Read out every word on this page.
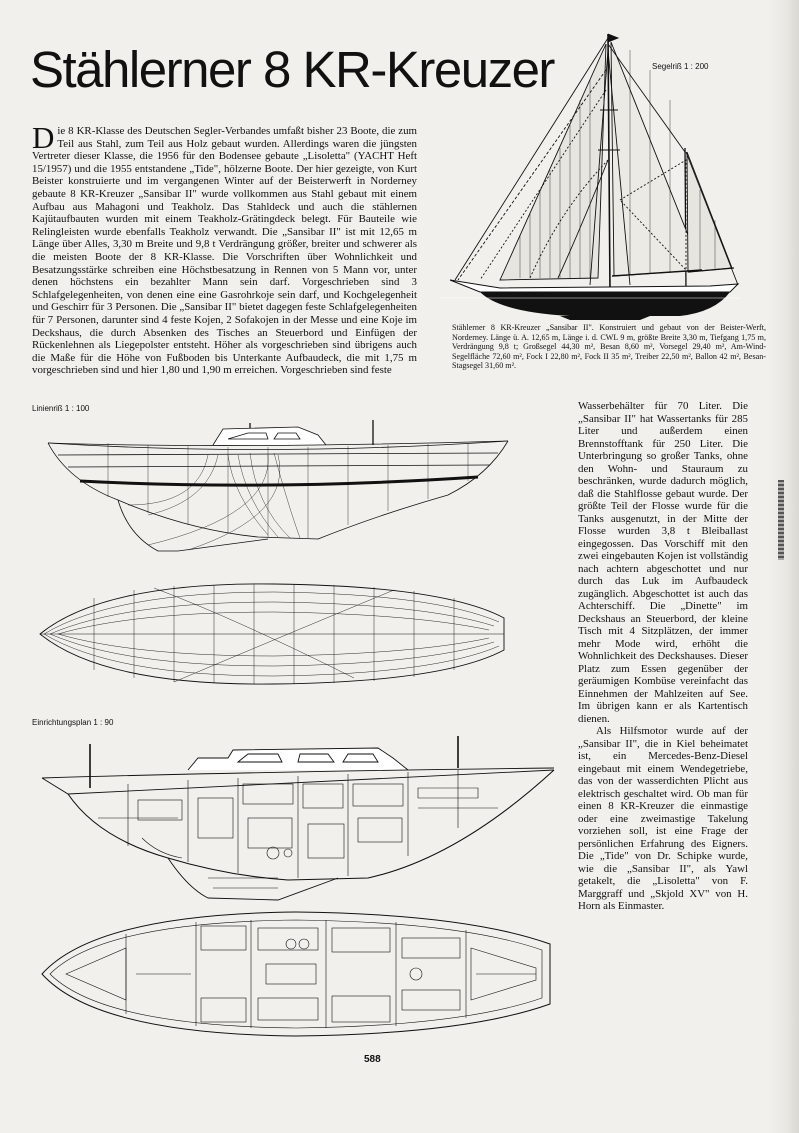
Stählerner 8 KR-Kreuzer	Segelriß 1 : 200
Stählerner 8 KR-Kreuzer „Sansibar II". Konstruiert und gebaut von der Beister-Werft, Norderney. Länge ü. A. 12,65 m, Länge i. d. CWL 9 m, größte Breite 3,30 m, Tiefgang 1,75 m, Verdrängung 9,8 t; Großsegel 44,30 m², Besan 8,60 m², Vorsegel 29,40 m², Am-Wind-Segelfläche 72,60 m², Fock I 22,80 m², Fock II 35 m², Treiber 22,50 m², Ballon 42 m², Besan-Stagsegel 31,60 m².

Die 8 KR-Klasse des Deutschen Segler-Verbandes umfaßt bisher 23 Boote, die zum Teil aus Stahl, zum Teil aus Holz gebaut wurden. Allerdings waren die jüngsten Vertreter dieser Klasse, die 1956 für den Bodensee gebaute „Lisoletta" (YACHT Heft 15/1957) und die 1955 entstandene „Tide", hölzerne Boote. Der hier gezeigte, von Kurt Beister konstruierte und im vergangenen Winter auf der Beisterwerft in Norderney gebaute 8 KR-Kreuzer „Sansibar II" wurde vollkommen aus Stahl gebaut mit einem Aufbau aus Mahagoni und Teakholz. Das Stahldeck und auch die stählernen Kajütaufbauten wurden mit einem Teakholz-Grätingdeck belegt. Für Bauteile wie Relingleisten wurde ebenfalls Teakholz verwandt. Die „Sansibar II" ist mit 12,65 m Länge über Alles, 3,30 m Breite und 9,8 t Verdrängung größer, breiter und schwerer als die meisten Boote der 8 KR-Klasse. Die Vorschriften über Wohnlichkeit und Besatzungsstärke schreiben eine Höchstbesatzung in Rennen von 5 Mann vor, unter denen höchstens ein bezahlter Mann sein darf. Vorgeschrieben sind 3 Schlafgelegenheiten, von denen eine eine Gasrohrkoje sein darf, und Kochgelegenheit und Geschirr für 3 Personen. Die „Sansibar II" bietet dagegen feste Schlafgelegenheiten für 7 Personen, darunter sind 4 feste Kojen, 2 Sofakojen in der Messe und eine Koje im Deckshaus, die durch Absenken des Tisches an Steuerbord und Einfügen der Rückenlehnen als Liegepolster entsteht. Höher als vorgeschrieben sind übrigens auch die Maße für die Höhe von Fußboden bis Unterkante Aufbaudeck, die mit 1,75 m vorgeschrieben sind und hier 1,80 und 1,90 m erreichen. Vorgeschrieben sind feste

Linienriß 1 : 100
Einrichtungsplan 1 : 90

Wasserbehälter für 70 Liter. Die „Sansibar II" hat Wassertanks für 285 Liter und außerdem einen Brennstofftank für 250 Liter. Die Unterbringung so großer Tanks, ohne den Wohn- und Stauraum zu beschränken, wurde dadurch möglich, daß die Stahlflosse gebaut wurde. Der größte Teil der Flosse wurde für die Tanks ausgenutzt, in der Mitte der Flosse wurden 3,8 t Bleiballast eingegossen. Das Vorschiff mit den zwei eingebauten Kojen ist vollständig nach achtern abgeschottet und nur durch das Luk im Aufbaudeck zugänglich. Abgeschottet ist auch das Achterschiff. Die „Dinette" im Deckshaus an Steuerbord, der kleine Tisch mit 4 Sitzplätzen, der immer mehr Mode wird, erhöht die Wohnlichkeit des Deckshauses. Dieser Platz zum Essen gegenüber der geräumigen Kombüse vereinfacht das Einnehmen der Mahlzeiten auf See. Im übrigen kann er als Kartentisch dienen.

Als Hilfsmotor wurde auf der „Sansibar II", die in Kiel beheimatet ist, ein Mercedes-Benz-Diesel eingebaut mit einem Wendegetriebe, das von der wasserdichten Plicht aus elektrisch geschaltet wird. Ob man für einen 8 KR-Kreuzer die einmastige oder eine zweimastige Takelung vorziehen soll, ist eine Frage der persönlichen Erfahrung des Eigners. Die „Tide" von Dr. Schipke wurde, wie die „Sansibar II", als Yawl getakelt, die „Lisoletta" von F. Marggraff und „Skjold XV" von H. Horn als Einmaster.

588
